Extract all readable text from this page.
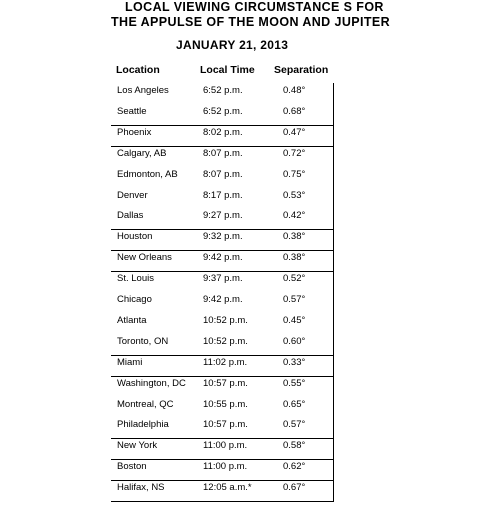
LOCAL VIEWING CIRCUMSTANCE S FOR
THE APPULSE OF THE MOON AND JUPITER
JANUARY 21, 2013
Location	Local Time Separation
Los Angeles	6:52 p.m.	0.48°
Seattle	6:52 p.m.	0.68°
Phoenix	8:02 p.m.	0.47°
Calgary, AB	8:07 p.m.	0.72°
Edmonton, AB	8:07 p.m.	0.75°
Denver	8:17 p.m.	0.53°
Dallas	9:27 p.m.	0.42°
Houston	9:32 p.m.	0.38°
New Orleans	9:42 p.m.	0.38°
St. Louis	9:37 p.m.	0.52°
Chicago	9:42 p.m.	0.57°
Atlanta	10:52 p.m.	0.45°
Toronto, ON	10:52 p.m.	0.60°
Miami	11:02 p.m.	0.33°
Washington, DC 10:57 p.m.	0.55°
Montreal, QC	10:55 p.m.	0.65°
Philadelphia	10:57 p.m.	0.57°
New York	11:00 p.m.	0.58°
Boston	11:00 p.m.	0.62°
Halifax, NS	12:05 a.m.*	0.67°
